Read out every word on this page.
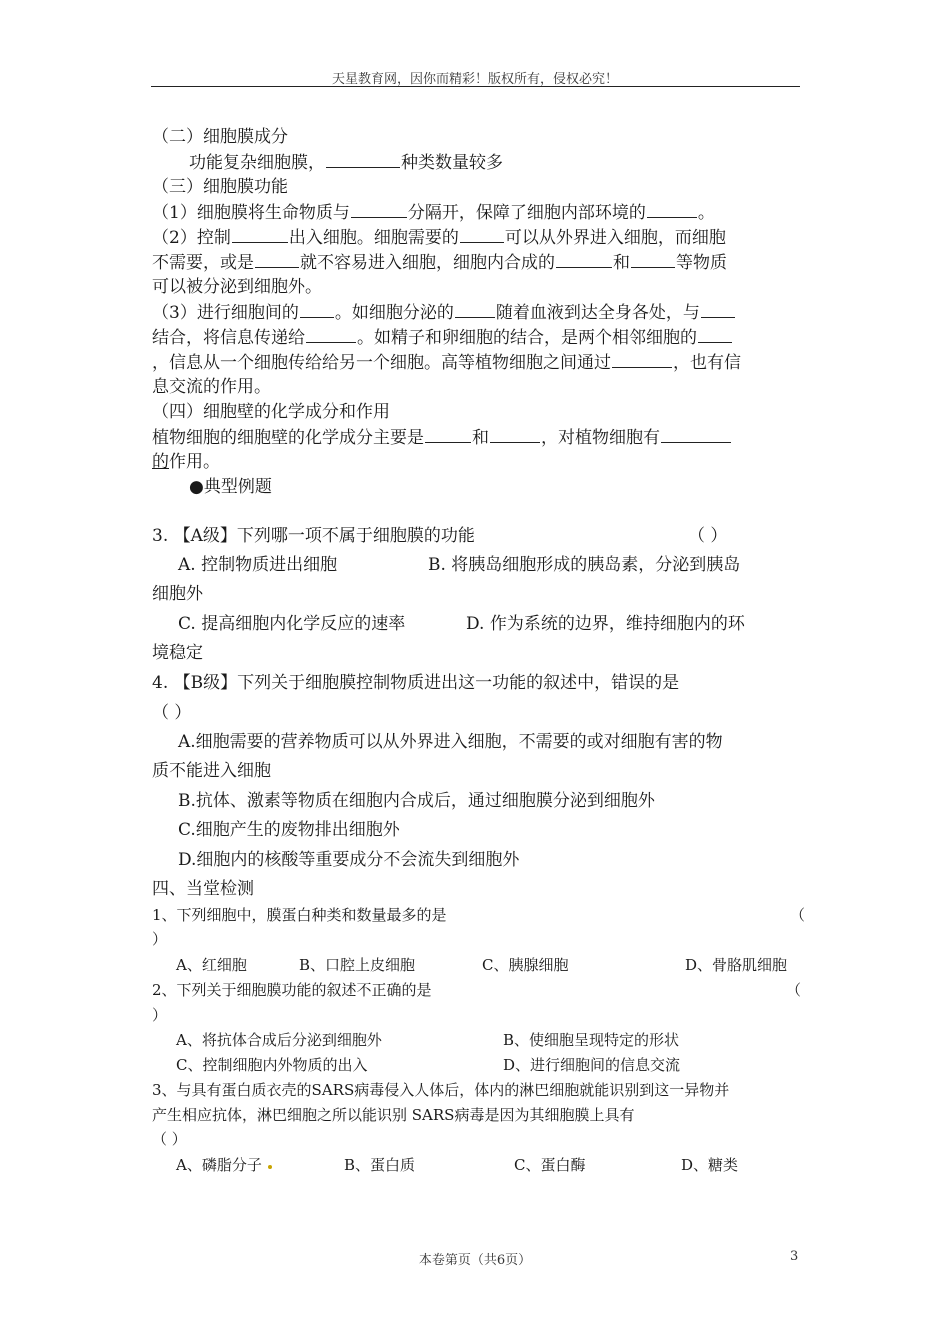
天星教育网，因你而精彩！版权所有，侵权必究！
（二）细胞膜成分
功能复杂细胞膜，	种类数量较多
（三）细胞膜功能
（1）细胞膜将生命物质与	分隔开，保障了细胞内部环境的	。
（2）控制	出入细胞。细胞需要的	可以从外界进入细胞，而细胞
不需要，或是	就不容易进入细胞，细胞内合成的	和	等物质
可以被分泌到细胞外。
（3）进行细胞间的 。如细胞分泌的 随着血液到达全身各处，与
结合，将信息传递给	。如精子和卵细胞的结合，是两个相邻细胞的
，信息从一个细胞传给给另一个细胞。高等植物细胞之间通过	，也有信
息交流的作用。
（四）细胞壁的化学成分和作用
植物细胞的细胞壁的化学成分主要是	和	，对植物细胞有
的作用。
●典型例题
3. 【A级】下列哪一项不属于细胞膜的功能	（ ）
A. 控制物质进出细胞	B. 将胰岛细胞形成的胰岛素，分泌到胰岛
细胞外
C. 提高细胞内化学反应的速率	D. 作为系统的边界，维持细胞内的环
境稳定
4. 【B级】下列关于细胞膜控制物质进出这一功能的叙述中，错误的是
（ ）
A.细胞需要的营养物质可以从外界进入细胞，不需要的或对细胞有害的物
质不能进入细胞
B.抗体、激素等物质在细胞内合成后，通过细胞膜分泌到细胞外
C.细胞产生的废物排出细胞外
D.细胞内的核酸等重要成分不会流失到细胞外
四、当堂检测
1、下列细胞中，膜蛋白种类和数量最多的是	（
）
A、红细胞	B、口腔上皮细胞	C、胰腺细胞	D、骨胳肌细胞
2、下列关于细胞膜功能的叙述不正确的是	（
）
A、将抗体合成后分泌到细胞外	B、使细胞呈现特定的形状
C、控制细胞内外物质的出入	D、进行细胞间的信息交流
3、与具有蛋白质衣壳的SARS病毒侵入人体后，体内的淋巴细胞就能识别到这一异物并
产生相应抗体，淋巴细胞之所以能识别 SARS病毒是因为其细胞膜上具有
（ ）
A、磷脂分子	B、蛋白质	C、蛋白酶	D、糖类
本卷第页（共6页）	3
